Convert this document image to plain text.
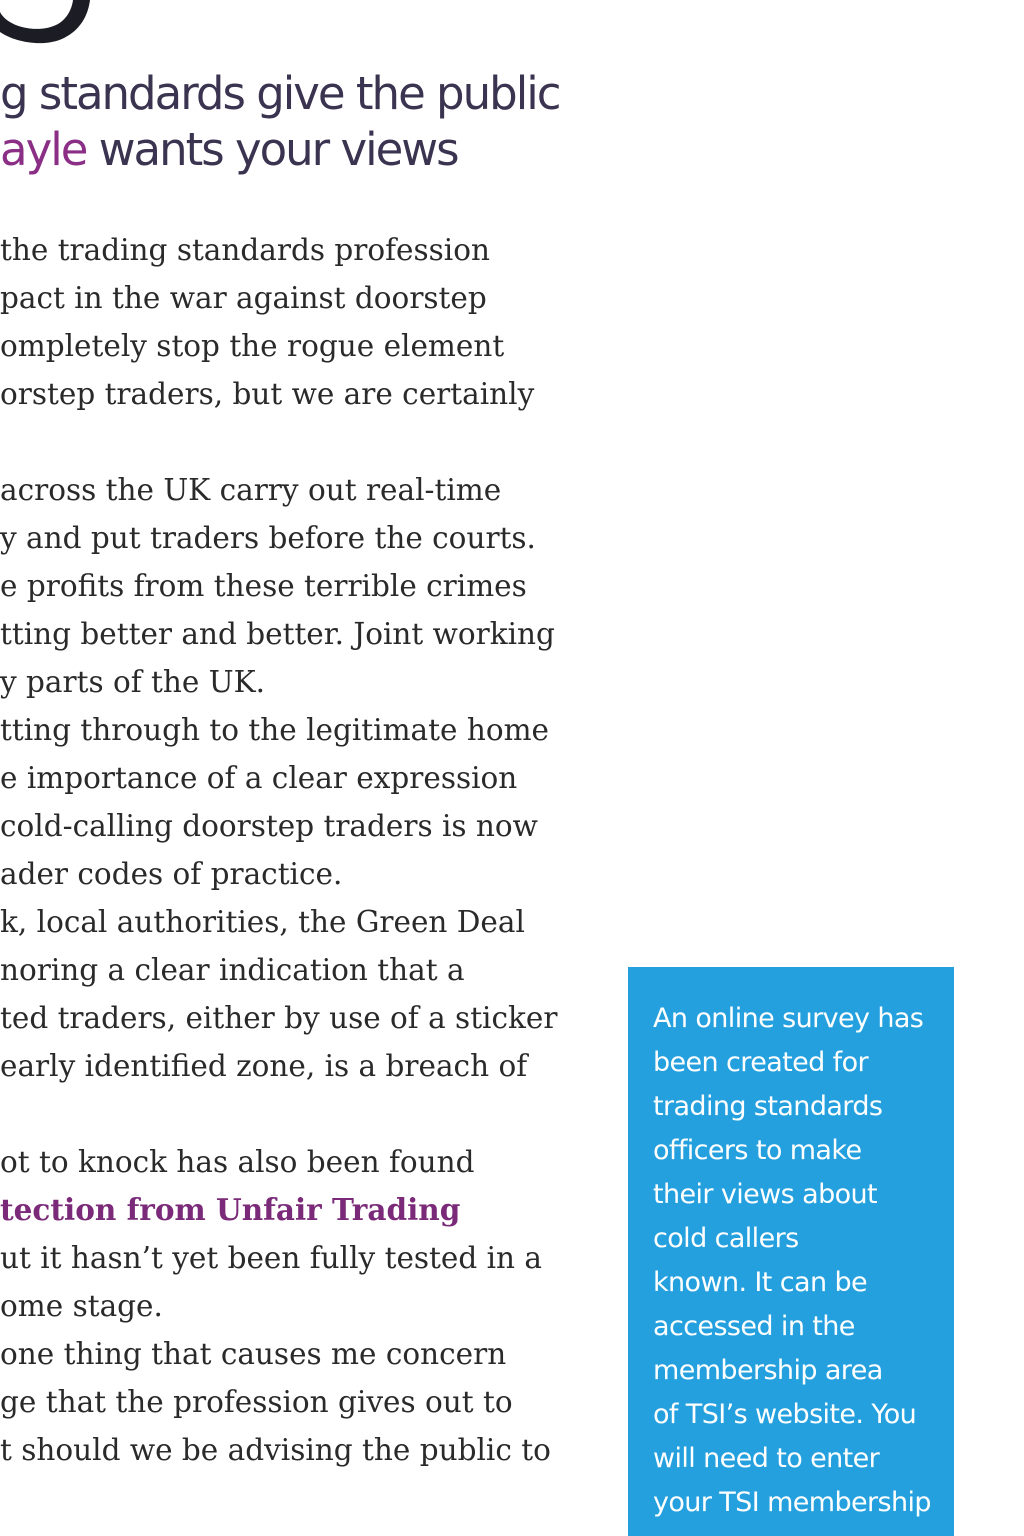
g standards give the public
ayle wants your views
the trading standards profession
pact in the war against doorstep
ompletely stop the rogue element
orstep traders, but we are certainly
across the UK carry out real-time
y and put traders before the courts.
e profits from these terrible crimes
tting better and better. Joint working
y parts of the UK.
tting through to the legitimate home
e importance of a clear expression
cold-calling doorstep traders is now
ader codes of practice.
k, local authorities, the Green Deal
noring a clear indication that a
ted traders, either by use of a sticker
early identified zone, is a breach of
ot to knock has also been found
tection from Unfair Trading
ut it hasn’t yet been fully tested in a
ome stage.
one thing that causes me concern
ge that the profession gives out to
t should we be advising the public to
An online survey has
been created for
trading standards
officers to make
their views about
cold callers
known. It can be
accessed in the
membership area
of TSI’s website. You
will need to enter
your TSI membership
